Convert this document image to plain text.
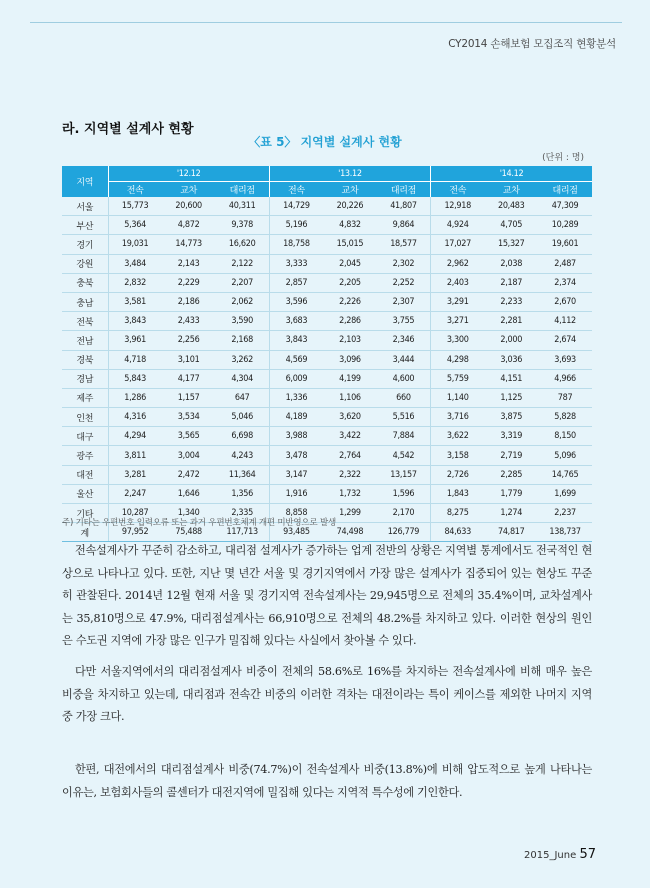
CY2014 손해보험 모집조직 현황분석
라. 지역별 설계사 현황
〈표 5〉 지역별 설계사 현황
(단위 : 명)
지역	'12.12			'13.12			'14.12		
	전속	교차	대리점	전속	교차	대리점	전속	교차	대리점
서울	15,773	20,600	40,311	14,729	20,226	41,807	12,918	20,483	47,309
부산	5,364	4,872	9,378	5,196	4,832	9,864	4,924	4,705	10,289
경기	19,031	14,773	16,620	18,758	15,015	18,577	17,027	15,327	19,601
강원	3,484	2,143	2,122	3,333	2,045	2,302	2,962	2,038	2,487
충북	2,832	2,229	2,207	2,857	2,205	2,252	2,403	2,187	2,374
충남	3,581	2,186	2,062	3,596	2,226	2,307	3,291	2,233	2,670
전북	3,843	2,433	3,590	3,683	2,286	3,755	3,271	2,281	4,112
전남	3,961	2,256	2,168	3,843	2,103	2,346	3,300	2,000	2,674
경북	4,718	3,101	3,262	4,569	3,096	3,444	4,298	3,036	3,693
경남	5,843	4,177	4,304	6,009	4,199	4,600	5,759	4,151	4,966
제주	1,286	1,157	647	1,336	1,106	660	1,140	1,125	787
인천	4,316	3,534	5,046	4,189	3,620	5,516	3,716	3,875	5,828
대구	4,294	3,565	6,698	3,988	3,422	7,884	3,622	3,319	8,150
광주	3,811	3,004	4,243	3,478	2,764	4,542	3,158	2,719	5,096
대전	3,281	2,472	11,364	3,147	2,322	13,157	2,726	2,285	14,765
울산	2,247	1,646	1,356	1,916	1,732	1,596	1,843	1,779	1,699
기타	10,287	1,340	2,335	8,858	1,299	2,170	8,275	1,274	2,237
계	97,952	75,488	117,713	93,485	74,498	126,779	84,633	74,817	138,737
주) 기타는 우편번호 입력오류 또는 과거 우편번호체계 개편 미반영으로 발생

전속설계사가 꾸준히 감소하고, 대리점 설계사가 증가하는 업계 전반의 상황은 지역별 통계에서도 전국적인 현상으로 나타나고 있다. 또한, 지난 몇 년간 서울 및 경기지역에서 가장 많은 설계사가 집중되어 있는 현상도 꾸준히 관찰된다. 2014년 12월 현재 서울 및 경기지역 전속설계사는 29,945명으로 전체의 35.4%이며, 교차설계사는 35,810명으로 47.9%, 대리점설계사는 66,910명으로 전체의 48.2%를 차지하고 있다. 이러한 현상의 원인은 수도권 지역에 가장 많은 인구가 밀집해 있다는 사실에서 찾아볼 수 있다.

다만 서울지역에서의 대리점설계사 비중이 전체의 58.6%로 16%를 차지하는 전속설계사에 비해 매우 높은 비중을 차지하고 있는데, 대리점과 전속간 비중의 이러한 격차는 대전이라는 특이 케이스를 제외한 나머지 지역 중 가장 크다.

한편, 대전에서의 대리점설계사 비중(74.7%)이 전속설계사 비중(13.8%)에 비해 압도적으로 높게 나타나는 이유는, 보험회사들의 콜센터가 대전지역에 밀집해 있다는 지역적 특수성에 기인한다.

2015_June 57
